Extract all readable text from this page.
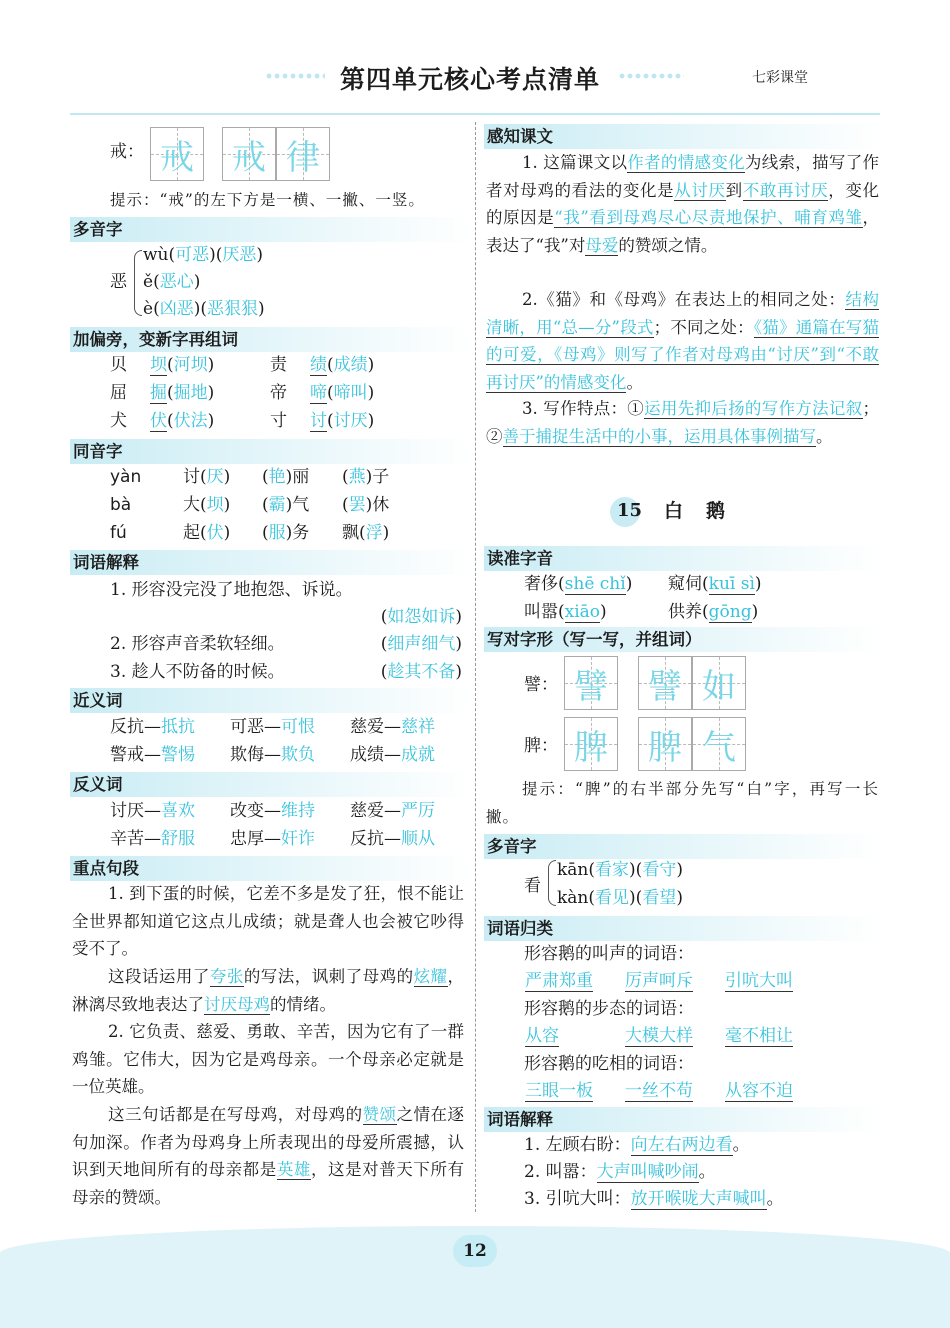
第四单元核心考点清单	七彩课堂
戒： 戒 戒 律
提示：“戒”的左下方是一横、一撇、一竖。
多音字
恶
wù(可恶)(厌恶)
ě(恶心)
è(凶恶)(恶狠狠)
加偏旁，变新字再组词
贝 坝(河坝)	责 绩(成绩)
屈 掘(掘地)	帝 啼(啼叫)
犬 伏(伏法)	寸 讨(讨厌)
同音字
yàn 讨(厌) (艳)丽 (燕)子
bà	大(坝) (霸)气 (罢)休
fú	起(伏) (服)务 飘(浮)
词语解释
1. 形容没完没了地抱怨、诉说。
(如怨如诉)
2. 形容声音柔软轻细。	(细声细气)
3. 趁人不防备的时候。	(趁其不备)
近义词
反抗—抵抗 可恶—可恨 慈爱—慈祥
警戒—警惕 欺侮—欺负 成绩—成就
反义词
讨厌—喜欢 改变—维持 慈爱—严厉
辛苦—舒服 忠厚—奸诈 反抗—顺从
重点句段
1. 到下蛋的时候，它差不多是发了狂，恨不能让全世界都知道它这点儿成绩；就是聋人也会被它吵得受不了。
这段话运用了夸张的写法，讽刺了母鸡的炫耀，淋漓尽致地表达了讨厌母鸡的情绪。
2. 它负责、慈爱、勇敢、辛苦，因为它有了一群鸡雏。它伟大，因为它是鸡母亲。一个母亲必定就是一位英雄。
这三句话都是在写母鸡，对母鸡的赞颂之情在逐句加深。作者为母鸡身上所表现出的母爱所震撼，认识到天地间所有的母亲都是英雄，这是对普天下所有母亲的赞颂。
感知课文
1. 这篇课文以作者的情感变化为线索，描写了作者对母鸡的看法的变化是从讨厌到不敢再讨厌，变化的原因是“我”看到母鸡尽心尽责地保护、哺育鸡雏，表达了“我”对母爱的赞颂之情。
2.《猫》和《母鸡》在表达上的相同之处：结构清晰，用“总—分”段式；不同之处：《猫》通篇在写猫的可爱，《母鸡》则写了作者对母鸡由“讨厌”到“不敢再讨厌”的情感变化。
3. 写作特点：①运用先抑后扬的写作方法记叙；②善于捕捉生活中的小事，运用具体事例描写。
15 白　鹅
读准字音
奢侈(shē chǐ) 窥伺(kuī sì)
叫嚣(xiāo)	供养(gōng)
写对字形（写一写，并组词）
譬： 譬 譬 如
脾： 脾 脾 气
提示：“脾”的右半部分先写“白”字，再写一长撇。
多音字
看
kān(看家)(看守)
kàn(看见)(看望)
词语归类
形容鹅的叫声的词语：
严肃郑重 厉声呵斥 引吭大叫
形容鹅的步态的词语：
从容	大模大样 毫不相让
形容鹅的吃相的词语：
三眼一板 一丝不苟 从容不迫
词语解释
1. 左顾右盼：向左右两边看。
2. 叫嚣：大声叫喊吵闹。
3. 引吭大叫：放开喉咙大声喊叫。
12
